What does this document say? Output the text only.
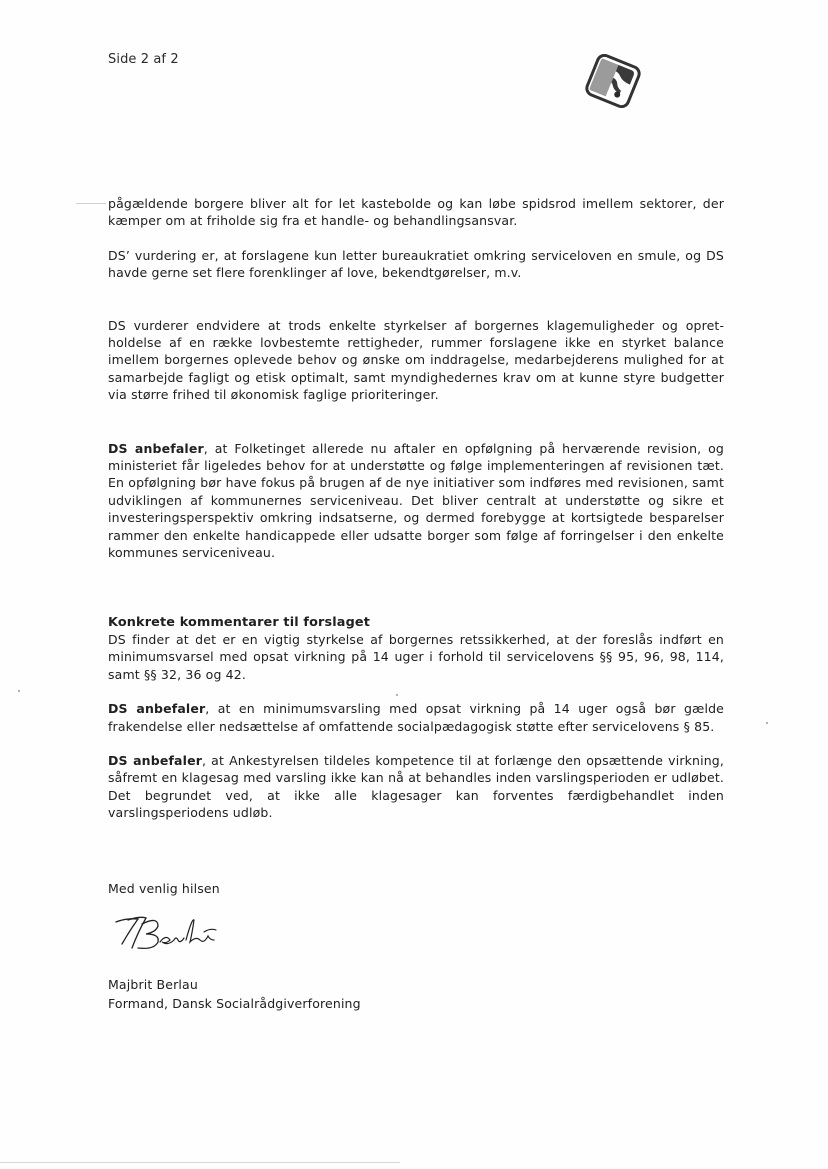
Side 2 af 2

pågældende borgere bliver alt for let kastebolde og kan løbe spidsrod imellem sektorer, der kæmper om at friholde sig fra et handle- og behandlingsansvar.

DS’ vurdering er, at forslagene kun letter bureaukratiet omkring serviceloven en smule, og DS havde gerne set flere forenklinger af love, bekendtgørelser, m.v.

DS vurderer endvidere at trods enkelte styrkelser af borgernes klagemuligheder og opretholdelse af en række lovbestemte rettigheder, rummer forslagene ikke en styrket balance imellem borgernes oplevede behov og ønske om inddragelse, medarbejderens mulighed for at samarbejde fagligt og etisk optimalt, samt myndighedernes krav om at kunne styre budgetter via større frihed til økonomisk faglige prioriteringer.

DS anbefaler, at Folketinget allerede nu aftaler en opfølgning på herværende revision, og ministeriet får ligeledes behov for at understøtte og følge implementeringen af revisionen tæt. En opfølgning bør have fokus på brugen af de nye initiativer som indføres med revisionen, samt udviklingen af kommunernes serviceniveau. Det bliver centralt at understøtte og sikre et investeringsperspektiv omkring indsatserne, og dermed forebygge at kortsigtede besparelser rammer den enkelte handicappede eller udsatte borger som følge af forringelser i den enkelte kommunes serviceniveau.

Konkrete kommentarer til forslaget

DS finder at det er en vigtig styrkelse af borgernes retssikkerhed, at der foreslås indført en minimumsvarsel med opsat virkning på 14 uger i forhold til servicelovens §§ 95, 96, 98, 114, samt §§ 32, 36 og 42.

DS anbefaler, at en minimumsvarsling med opsat virkning på 14 uger også bør gælde frakendelse eller nedsættelse af omfattende socialpædagogisk støtte efter servicelovens § 85.

DS anbefaler, at Ankestyrelsen tildeles kompetence til at forlænge den opsættende virkning, såfremt en klagesag med varsling ikke kan nå at behandles inden varslingsperioden er udløbet. Det begrundet ved, at ikke alle klagesager kan forventes færdigbehandlet inden varslingsperiodens udløb.

Med venlig hilsen
Majbrit Berlau
Formand, Dansk Socialrådgiverforening
